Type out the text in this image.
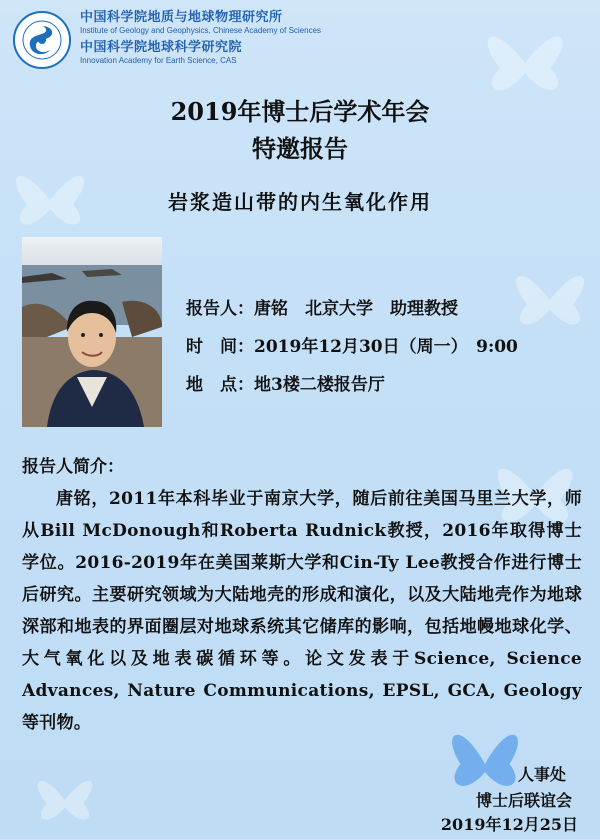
中国科学院地质与地球物理研究所
Institute of Geology and Geophysics, Chinese Academy of Sciences
中国科学院地球科学研究院
Innovation Academy for Earth Science, CAS
2019年博士后学术年会
特邀报告
岩浆造山带的内生氧化作用
报告人：唐铭　北京大学　助理教授
时　间：2019年12月30日（周一）　9:00
地　点：地3楼二楼报告厅
报告人简介：

唐铭，2011年本科毕业于南京大学，随后前往美国马里兰大学，师从Bill McDonough和Roberta Rudnick教授，2016年取得博士学位。2016-2019年在美国莱斯大学和Cin-Ty Lee教授合作进行博士后研究。主要研究领域为大陆地壳的形成和演化，以及大陆地壳作为地球深部和地表的界面圈层对地球系统其它储库的影响，包括地幔地球化学、大气氧化以及地表碳循环等。论文发表于Science, Science Advances, Nature Communications, EPSL, GCA, Geology等刊物。

人事处
博士后联谊会
2019年12月25日
